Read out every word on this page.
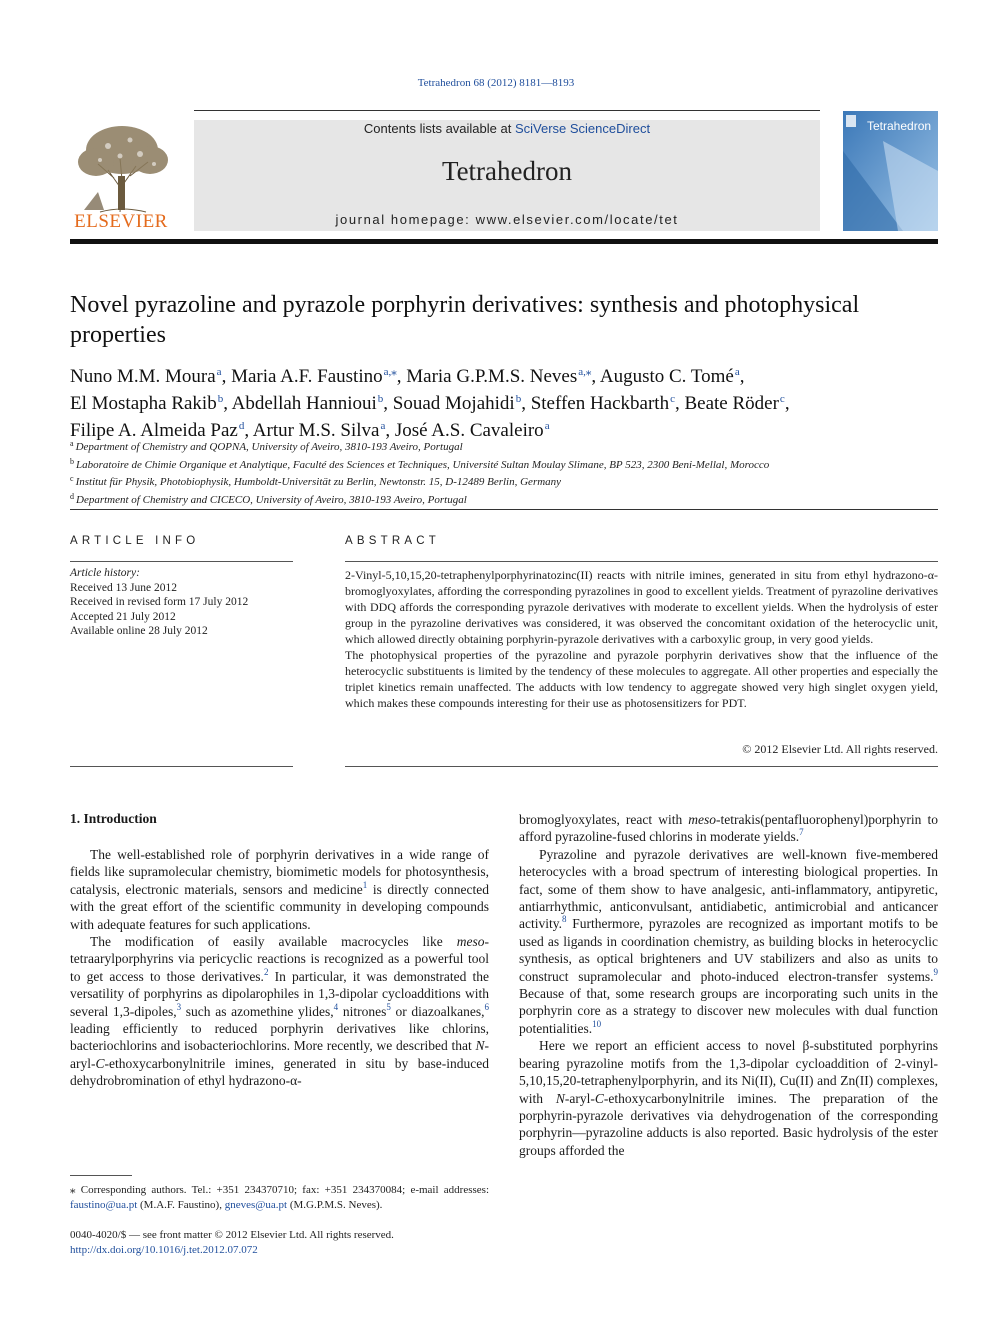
Tetrahedron 68 (2012) 8181—8193
ELSEVIER
Contents lists available at SciVerse ScienceDirect
Tetrahedron
journal homepage: www.elsevier.com/locate/tet
Tetrahedron
Novel pyrazoline and pyrazole porphyrin derivatives: synthesis and photophysical properties
Nuno M.M. Moura$^a$, Maria A.F. Faustino$^{a,⁎}$, Maria G.P.M.S. Neves$^{a,⁎}$, Augusto C. Tomé$^a$,
El Mostapha Rakib$^b$, Abdellah Hannioui$^b$, Souad Mojahidi$^b$, Steffen Hackbarth$^c$, Beate Röder$^c$,
Filipe A. Almeida Paz$^d$, Artur M.S. Silva$^a$, José A.S. Cavaleiro$^a$
$^a$ Department of Chemistry and QOPNA, University of Aveiro, 3810-193 Aveiro, Portugal
$^b$ Laboratoire de Chimie Organique et Analytique, Faculté des Sciences et Techniques, Université Sultan Moulay Slimane, BP 523, 2300 Beni-Mellal, Morocco
$^c$ Institut für Physik, Photobiophysik, Humboldt-Universität zu Berlin, Newtonstr. 15, D-12489 Berlin, Germany
$^d$ Department of Chemistry and CICECO, University of Aveiro, 3810-193 Aveiro, Portugal
ARTICLE INFO
Article history:
Received 13 June 2012
Received in revised form 17 July 2012
Accepted 21 July 2012
Available online 28 July 2012
ABSTRACT

2-Vinyl-5,10,15,20-tetraphenylporphyrinatozinc(II) reacts with nitrile imines, generated in situ from ethyl hydrazono-α-bromoglyoxylates, affording the corresponding pyrazolines in good to excellent yields. Treatment of pyrazoline derivatives with DDQ affords the corresponding pyrazole derivatives with moderate to excellent yields. When the hydrolysis of ester group in the pyrazoline derivatives was considered, it was observed the concomitant oxidation of the heterocyclic unit, which allowed directly obtaining porphyrin-pyrazole derivatives with a carboxylic group, in very good yields.

The photophysical properties of the pyrazoline and pyrazole porphyrin derivatives show that the influence of the heterocyclic substituents is limited by the tendency of these molecules to aggregate. All other properties and especially the triplet kinetics remain unaffected. The adducts with low tendency to aggregate showed very high singlet oxygen yield, which makes these compounds interesting for their use as photosensitizers for PDT.

© 2012 Elsevier Ltd. All rights reserved.
1. Introduction

The well-established role of porphyrin derivatives in a wide range of fields like supramolecular chemistry, biomimetic models for photosynthesis, catalysis, electronic materials, sensors and medicine$^1$ is directly connected with the great effort of the scientific community in developing compounds with adequate features for such applications.

The modification of easily available macrocycles like meso-tetraarylporphyrins via pericyclic reactions is recognized as a powerful tool to get access to those derivatives.$^2$ In particular, it was demonstrated the versatility of porphyrins as dipolarophiles in 1,3-dipolar cycloadditions with several 1,3-dipoles,$^3$ such as azomethine ylides,$^4$ nitrones$^5$ or diazoalkanes,$^6$ leading efficiently to reduced porphyrin derivatives like chlorins, bacteriochlorins and isobacteriochlorins. More recently, we described that N-aryl-C-ethoxycarbonylnitrile imines, generated in situ by base-induced dehydrobromination of ethyl hydrazono-α-

bromoglyoxylates, react with meso-tetrakis(pentafluorophenyl)porphyrin to afford pyrazoline-fused chlorins in moderate yields.$^7$

Pyrazoline and pyrazole derivatives are well-known five-membered heterocycles with a broad spectrum of interesting biological properties. In fact, some of them show to have analgesic, anti-inflammatory, antipyretic, antiarrhythmic, anticonvulsant, antidiabetic, antimicrobial and anticancer activity.$^8$ Furthermore, pyrazoles are recognized as important motifs to be used as ligands in coordination chemistry, as building blocks in heterocyclic synthesis, as optical brighteners and UV stabilizers and also as units to construct supramolecular and photo-induced electron-transfer systems.$^9$ Because of that, some research groups are incorporating such units in the porphyrin core as a strategy to discover new molecules with dual function potentialities.$^{10}$

Here we report an efficient access to novel β-substituted porphyrins bearing pyrazoline motifs from the 1,3-dipolar cycloaddition of 2-vinyl-5,10,15,20-tetraphenylporphyrin, and its Ni(II), Cu(II) and Zn(II) complexes, with N-aryl-C-ethoxycarbonylnitrile imines. The preparation of the porphyrin-pyrazole derivatives via dehydrogenation of the corresponding porphyrin—pyrazoline adducts is also reported. Basic hydrolysis of the ester groups afforded the

⁎ Corresponding authors. Tel.: +351 234370710; fax: +351 234370084; e-mail addresses: faustino@ua.pt (M.A.F. Faustino), gneves@ua.pt (M.G.P.M.S. Neves).
0040-4020/$ — see front matter © 2012 Elsevier Ltd. All rights reserved.
http://dx.doi.org/10.1016/j.tet.2012.07.072
